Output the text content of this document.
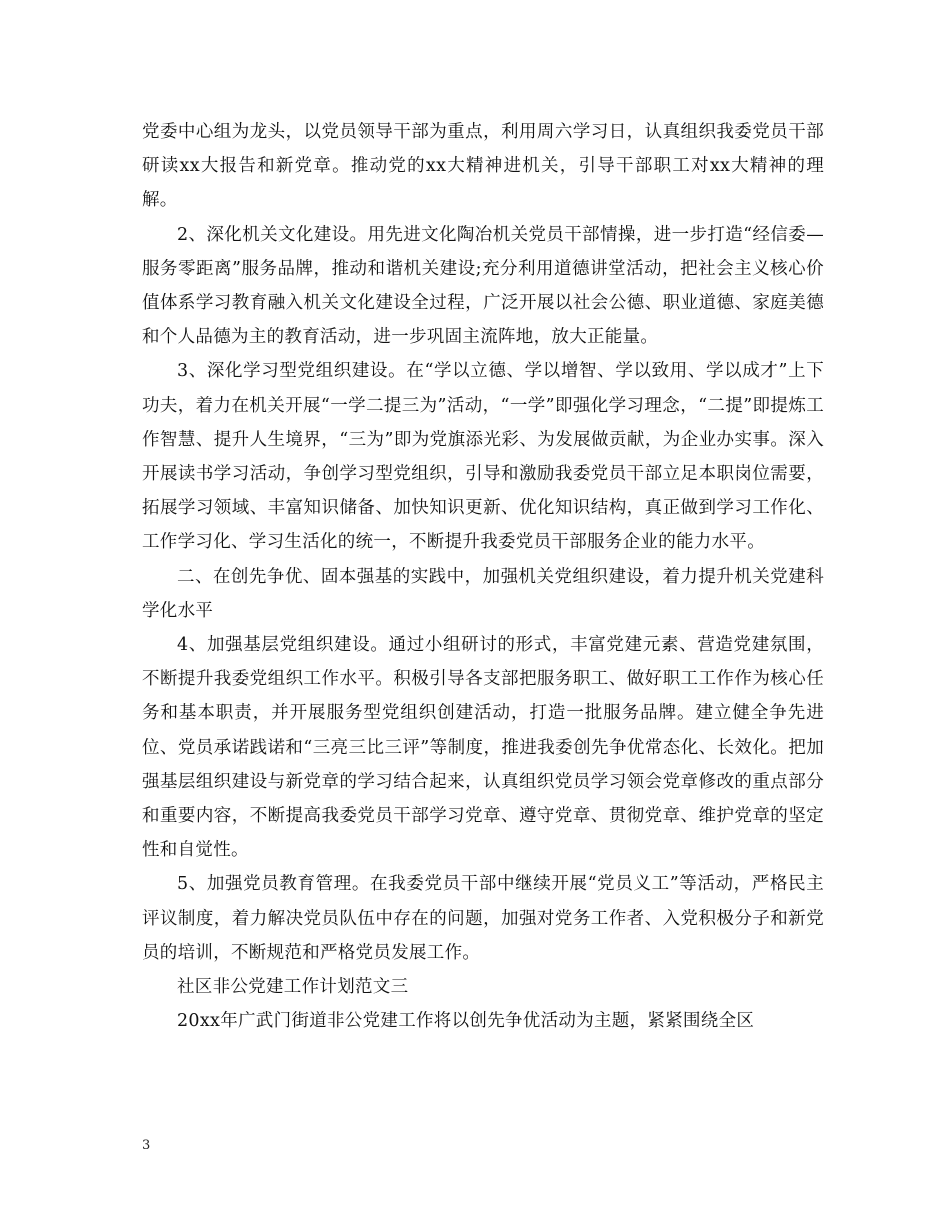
党委中心组为龙头，以党员领导干部为重点，利用周六学习日，认真组织我委党员干部研读xx大报告和新党章。推动党的xx大精神进机关，引导干部职工对xx大精神的理解。

2、深化机关文化建设。用先进文化陶冶机关党员干部情操，进一步打造“经信委—服务零距离”服务品牌，推动和谐机关建设;充分利用道德讲堂活动，把社会主义核心价值体系学习教育融入机关文化建设全过程，广泛开展以社会公德、职业道德、家庭美德和个人品德为主的教育活动，进一步巩固主流阵地，放大正能量。

3、深化学习型党组织建设。在“学以立德、学以增智、学以致用、学以成才”上下功夫，着力在机关开展“一学二提三为”活动，“一学”即强化学习理念，“二提”即提炼工作智慧、提升人生境界，“三为”即为党旗添光彩、为发展做贡献，为企业办实事。深入开展读书学习活动，争创学习型党组织，引导和激励我委党员干部立足本职岗位需要，拓展学习领域、丰富知识储备、加快知识更新、优化知识结构，真正做到学习工作化、工作学习化、学习生活化的统一，不断提升我委党员干部服务企业的能力水平。

二、在创先争优、固本强基的实践中，加强机关党组织建设，着力提升机关党建科学化水平

4、加强基层党组织建设。通过小组研讨的形式，丰富党建元素、营造党建氛围，不断提升我委党组织工作水平。积极引导各支部把服务职工、做好职工工作作为核心任务和基本职责，并开展服务型党组织创建活动，打造一批服务品牌。建立健全争先进位、党员承诺践诺和“三亮三比三评”等制度，推进我委创先争优常态化、长效化。把加强基层组织建设与新党章的学习结合起来，认真组织党员学习领会党章修改的重点部分和重要内容，不断提高我委党员干部学习党章、遵守党章、贯彻党章、维护党章的坚定性和自觉性。

5、加强党员教育管理。在我委党员干部中继续开展“党员义工”等活动，严格民主评议制度，着力解决党员队伍中存在的问题，加强对党务工作者、入党积极分子和新党员的培训，不断规范和严格党员发展工作。

社区非公党建工作计划范文三

20xx年广武门街道非公党建工作将以创先争优活动为主题，紧紧围绕全区

3
